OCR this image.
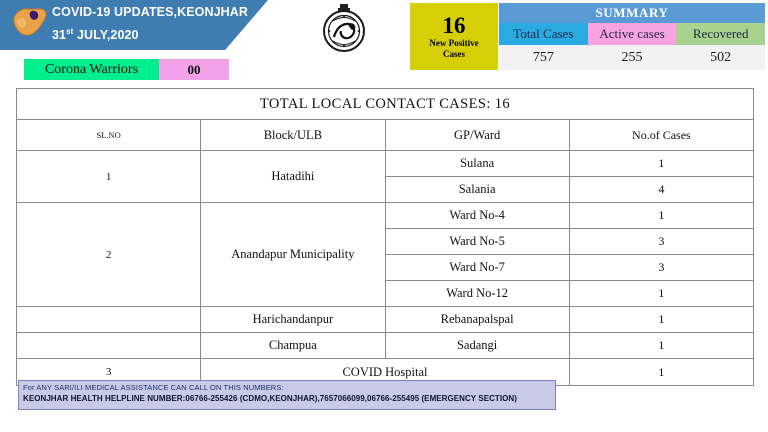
COVID-19 UPDATES,KEONJHAR
31st JULY,2020	16
New Positive
Cases
SUMMARY
Total Cases	Active cases	Recovered
757	255	502
Corona Warriors	00
TOTAL LOCAL CONTACT CASES: 16			
SL.NO	Block/ULB	GP/Ward	No.of Cases
1	Hatadihi	Sulana	1
		Salania	4
2	Anandapur Municipality	Ward No-4	1
		Ward No-5	3
		Ward No-7	3
		Ward No-12	1
	Harichandanpur	Rebanapalspal	1
	Champua	Sadangi	1
3	COVID Hospital		1
For ANY SARI/ILI MEDICAL ASSISTANCE CAN CALL ON THIS NUMBERS:
KEONJHAR HEALTH HELPLINE NUMBER:06766-255426 (CDMO,KEONJHAR),7657066099,06766-255495 (EMERGENCY SECTION)
